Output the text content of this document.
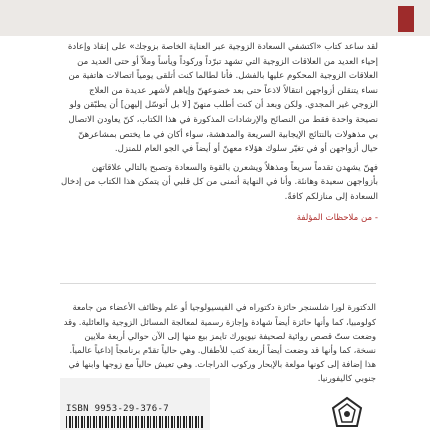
لقد ساعد كتاب «اكتشفي السعادة الزوجية عبر العناية الخاصة بزوجك» على إنقاذ وإعادة إحياء العديد من العلاقات الزوجية التي تشهد تبرّداً وركوداً ويأساً وملاّ أو حتى العديد من العلاقات الزوجية المحكوم عليها بالفشل. فأنا لطالما كنت أتلقى يومياً اتصالات هاتفية من نساء يتنقلن أزواجهن انتقالاً لاذعاً حتى بعد خضوعهنّ وإياهم لأشهر عديدة من العلاج الزوجي غير المجدي. ولكن وبعد أن كنت أطلب منهنّ [لا بل أتوسّل إليهن] أن يطبّقن ولو نصيحة واحدة فقط من النصائح والإرشادات المذكورة في هذا الكتاب، كنّ يعاودن الاتصال بي مذهولات بالنتائج الإيجابية السريعة والمدهشة، سواء أكان في ما يختص بمشاعرهنّ حيال أزواجهن أو في تغيّر سلوك هؤلاء معهنّ أو أيضاً في الجو العام للمنزل.

فهنّ يشهدن تقدماً سريعاً ومذهلاً ويشعرن بالقوة والسعادة وتصبح بالتالي علاقاتهن بأزواجهن سعيدة وهانئة. وأنا في النهاية أتمنى من كل قلبي أن يتمكن هذا الكتاب من إدخال السعادة إلى منازلكم كافةً.

- من ملاحظات المؤلفة

الدكتورة لورا شلسنجر حائزة دكتوراه في الفيسيولوجيا أو علم وظائف الأعضاء من جامعة كولومبيا، كما وأنها حائزة أيضاً شهادة وإجازة رسمية لمعالجة المسائل الزوجية والعائلية. وقد وضعت ستّ قصص روائية لصحيفة نيويورك تايمز بيع منها إلى الآن حوالي أربعة ملايين نسخة، كما وأنها قد وضعت أيضاً أربعة كتب للأطفال. وهي حالياً تقدّم برنامجاً إذاعياً عالمياً. هذا إضافة إلى كونها مولعة بالإبحار وركوب الدراجات. وهي تعيش حالياً مع زوجها وابنها في جنوبي كاليفورنيا.

ISBN 9953-29-376-7
